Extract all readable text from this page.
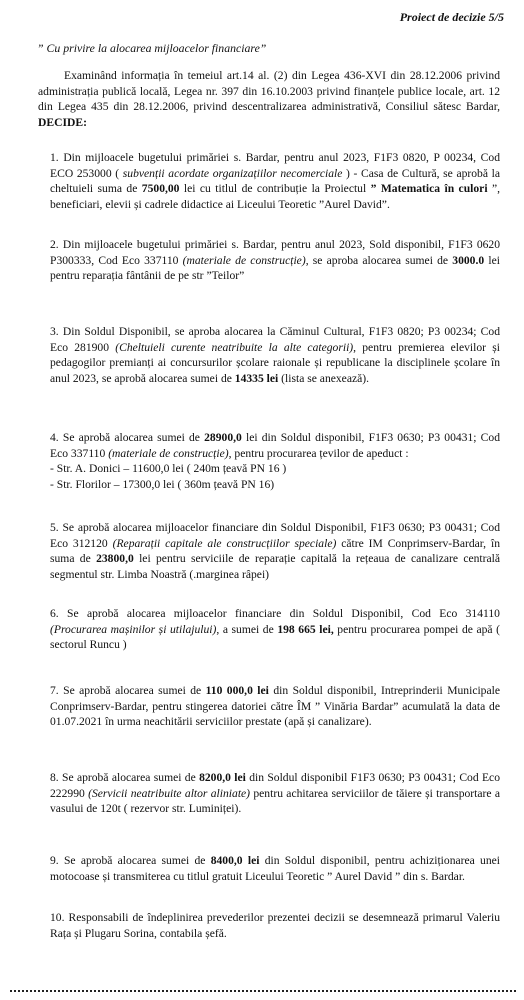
Proiect de decizie 5/5
” Cu privire la alocarea mijloacelor financiare”
Examinând informația în temeiul art.14 al. (2) din Legea 436-XVI din 28.12.2006 privind administrația publică locală, Legea nr. 397 din 16.10.2003 privind finanțele publice locale, art. 12 din Legea 435 din 28.12.2006, privind descentralizarea administrativă, Consiliul sătesc Bardar, DECIDE:
1. Din mijloacele bugetului primăriei s. Bardar, pentru anul 2023, F1F3 0820, P 00234, Cod ECO 253000 ( subvenții acordate organizațiilor necomerciale ) - Casa de Cultură, se aprobă la cheltuieli suma de 7500,00 lei cu titlul de contribuție la Proiectul ” Matematica în culori ”, beneficiari, elevii și cadrele didactice ai Liceului Teoretic ”Aurel David”.
2. Din mijloacele bugetului primăriei s. Bardar, pentru anul 2023, Sold disponibil, F1F3 0620 P300333, Cod Eco 337110 (materiale de construcție), se aproba alocarea sumei de 3000.0 lei pentru reparația fântânii de pe str ”Teilor”
3. Din Soldul Disponibil, se aproba alocarea la Căminul Cultural, F1F3 0820; P3 00234; Cod Eco 281900 (Cheltuieli curente neatribuite la alte categorii), pentru premierea elevilor și pedagogilor premianți ai concursurilor școlare raionale și republicane la disciplinele școlare în anul 2023, se aprobă alocarea sumei de 14335 lei (lista se anexează).
4. Se aprobă alocarea sumei de 28900,0 lei din Soldul disponibil, F1F3 0630; P3 00431; Cod Eco 337110 (materiale de construcție), pentru procurarea țevilor de apeduct :
- Str. A. Donici – 11600,0 lei ( 240m țeavă PN 16 )
- Str. Florilor – 17300,0 lei ( 360m țeavă PN 16)
5. Se aprobă alocarea mijloacelor financiare din Soldul Disponibil, F1F3 0630; P3 00431; Cod Eco 312120 (Reparații capitale ale construcțiilor speciale) către IM Conprimserv-Bardar, în suma de 23800,0 lei pentru serviciile de reparație capitală la rețeaua de canalizare centrală segmentul str. Limba Noastră (.marginea râpei)
6. Se aprobă alocarea mijloacelor financiare din Soldul Disponibil, Cod Eco 314110 (Procurarea mașinilor și utilajului), a sumei de 198 665 lei, pentru procurarea pompei de apă ( sectorul Runcu )
7. Se aprobă alocarea sumei de 110 000,0 lei din Soldul disponibil, Intreprinderii Municipale Conprimserv-Bardar, pentru stingerea datoriei către ÎM ” Vinăria Bardar” acumulată la data de 01.07.2021 în urma neachitării serviciilor prestate (apă și canalizare).
8. Se aprobă alocarea sumei de 8200,0 lei din Soldul disponibil F1F3 0630; P3 00431; Cod Eco 222990 (Servicii neatribuite altor aliniate) pentru achitarea serviciilor de tăiere și transportare a vasului de 120t ( rezervor str. Luminiței).
9. Se aprobă alocarea sumei de 8400,0 lei din Soldul disponibil, pentru achiziționarea unei motocoase și transmiterea cu titlul gratuit Liceului Teoretic ” Aurel David ” din s. Bardar.
10. Responsabili de îndeplinirea prevederilor prezentei decizii se desemnează primarul Valeriu Rața și Plugaru Sorina, contabila șefă.
